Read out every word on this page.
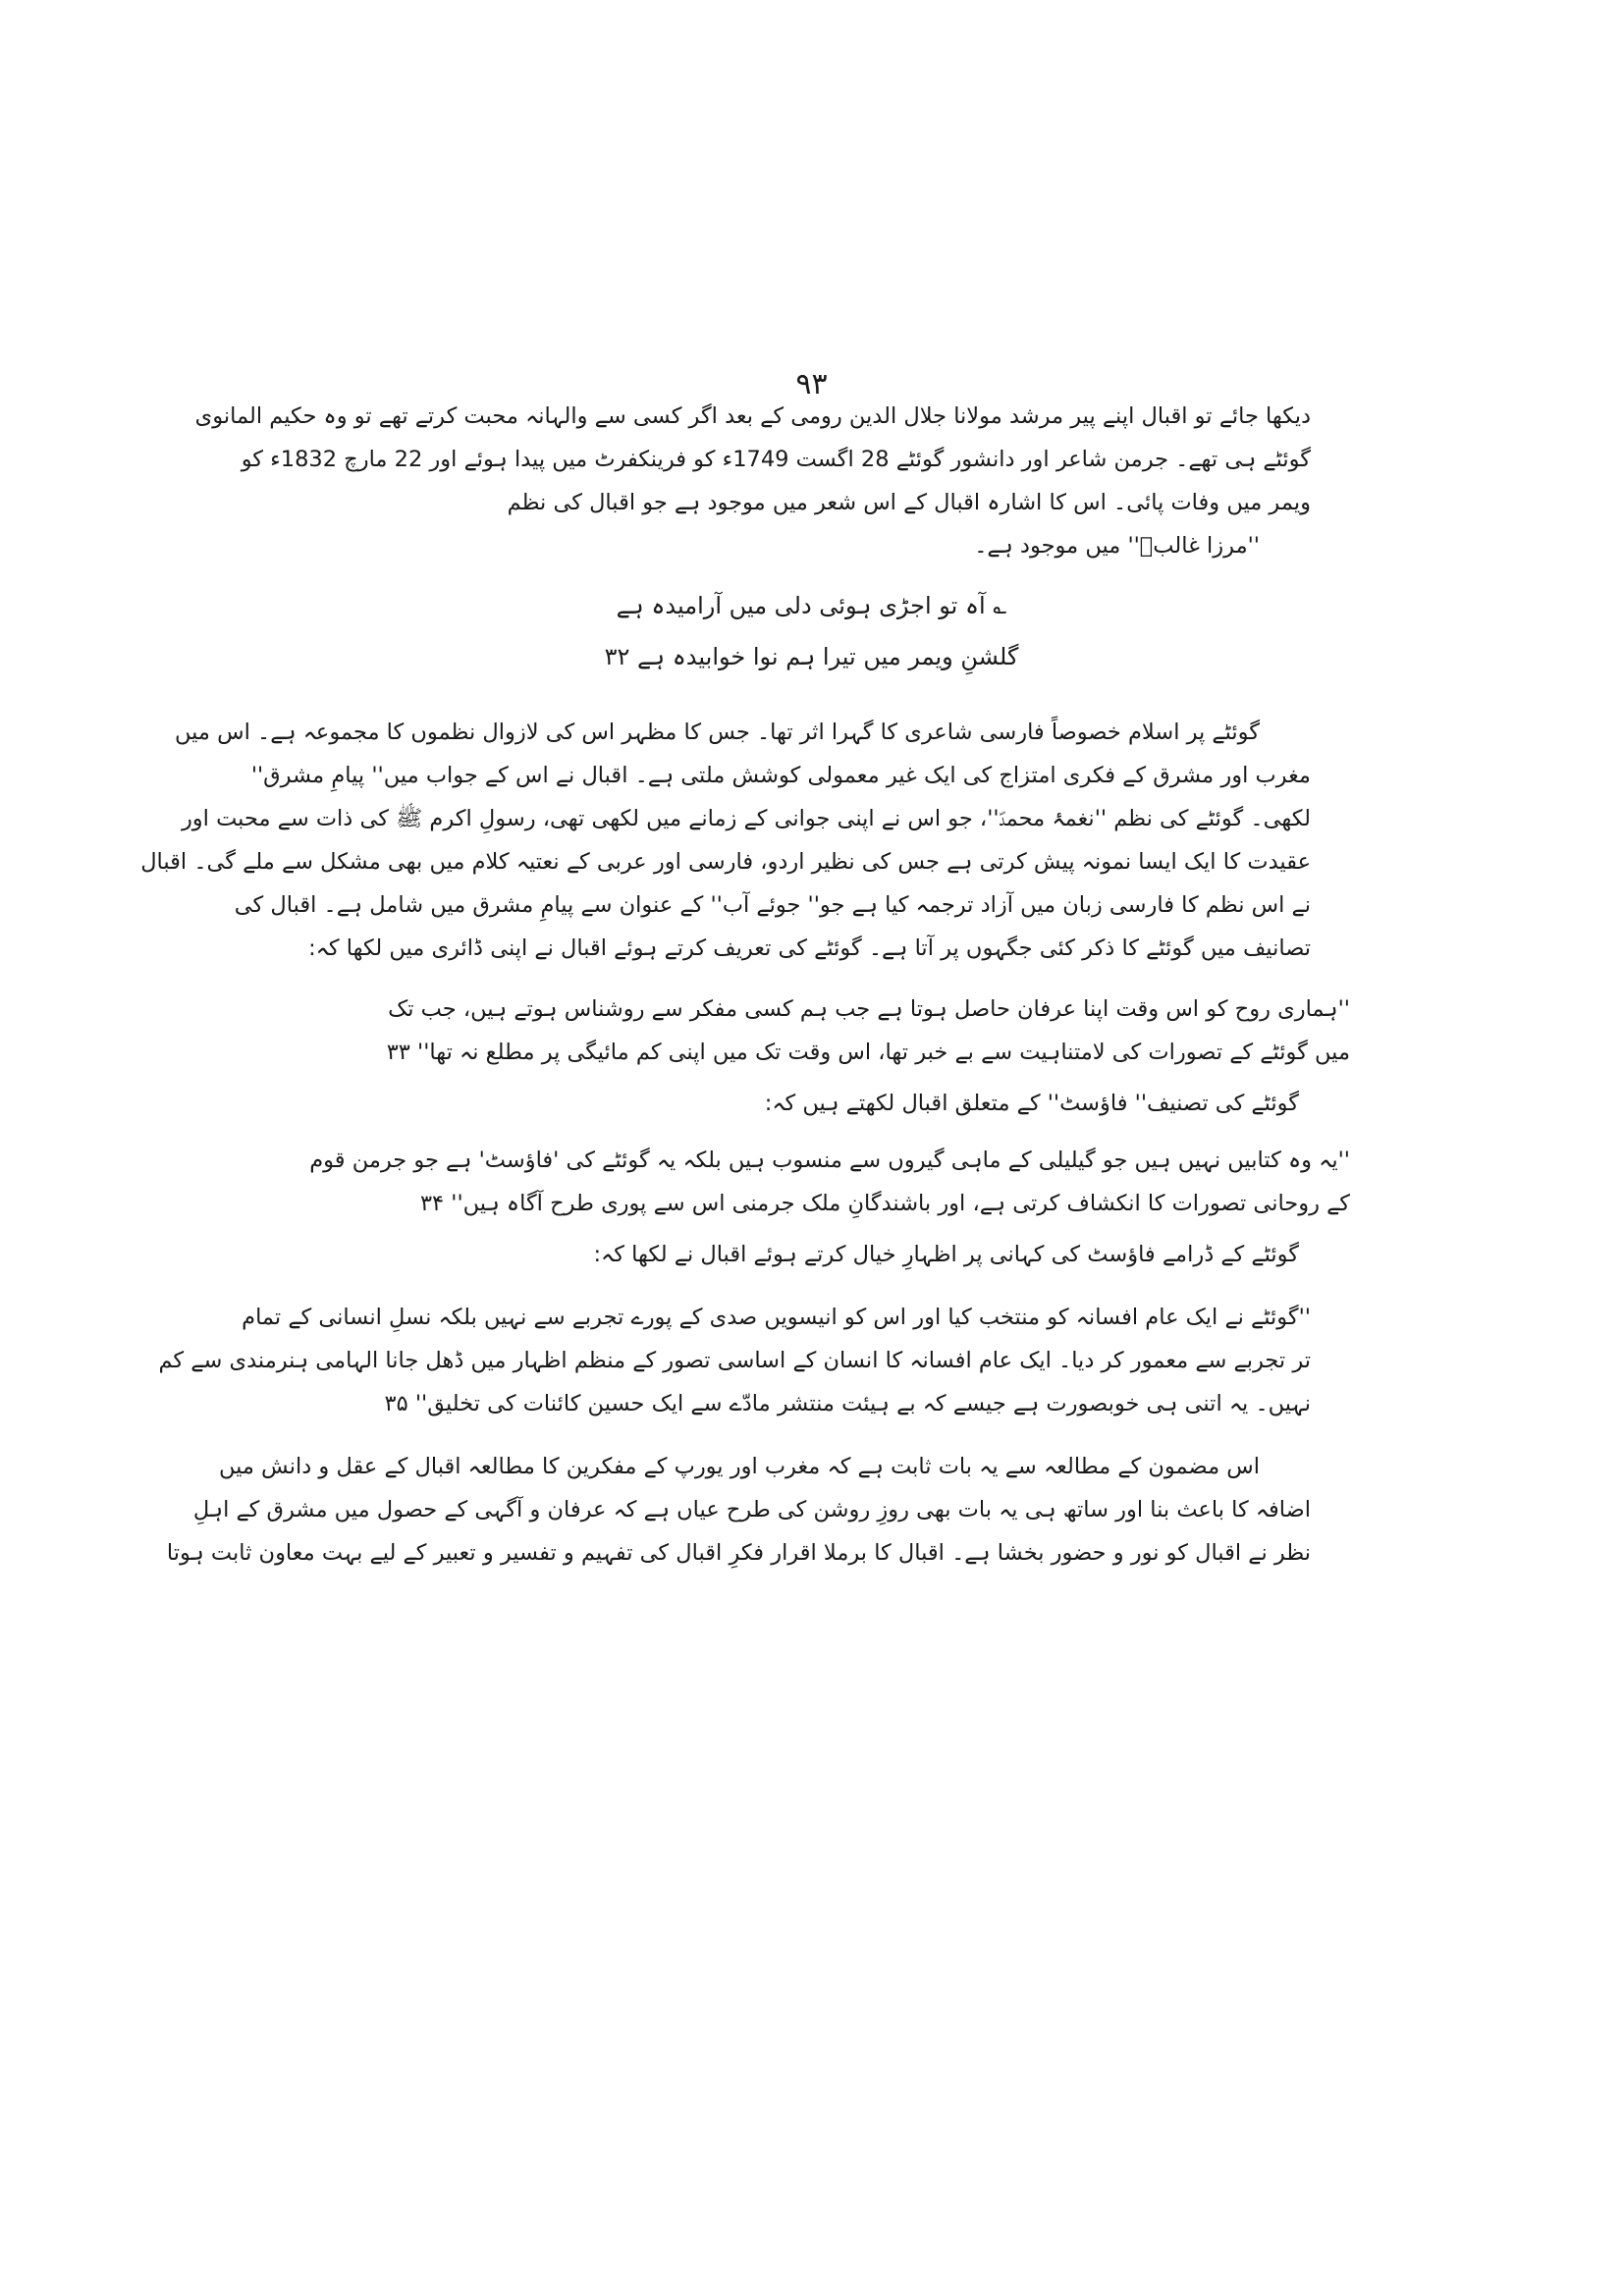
۹۳
دیکھا جائے تو اقبال اپنے پیر مرشد مولانا جلال الدین رومی کے بعد اگر کسی سے والہانہ محبت کرتے تھے تو وہ حکیم المانوی
گوئٹے ہی تھے۔ جرمن شاعر اور دانشور گوئٹے 28 اگست 1749ء کو فرینکفرٹ میں پیدا ہوئے اور 22 مارچ 1832ء کو
ویمر میں وفات پائی۔ اس کا اشارہ اقبال کے اس شعر میں موجود ہے جو اقبال کی نظم
''مرزا غالبؔ'' میں موجود ہے۔
؎ آہ تو اجڑی ہوئی دلی میں آرامیدہ ہے
گلشنِ ویمر میں تیرا ہم نوا خوابیدہ ہے ۳۲
گوئٹے پر اسلام خصوصاً فارسی شاعری کا گہرا اثر تھا۔ جس کا مظہر اس کی لازوال نظموں کا مجموعہ ہے۔ اس میں
مغرب اور مشرق کے فکری امتزاج کی ایک غیر معمولی کوشش ملتی ہے۔ اقبال نے اس کے جواب میں'' پیامِ مشرق''
لکھی۔ گوئٹے کی نظم ''نغمۂ محمدؐ''، جو اس نے اپنی جوانی کے زمانے میں لکھی تھی، رسولِ اکرم ﷺ کی ذات سے محبت اور
عقیدت کا ایک ایسا نمونہ پیش کرتی ہے جس کی نظیر اردو، فارسی اور عربی کے نعتیہ کلام میں بھی مشکل سے ملے گی۔ اقبال
نے اس نظم کا فارسی زبان میں آزاد ترجمہ کیا ہے جو'' جوئے آب'' کے عنوان سے پیامِ مشرق میں شامل ہے۔ اقبال کی
تصانیف میں گوئٹے کا ذکر کئی جگہوں پر آتا ہے۔ گوئٹے کی تعریف کرتے ہوئے اقبال نے اپنی ڈائری میں لکھا کہ:
''ہماری روح کو اس وقت اپنا عرفان حاصل ہوتا ہے جب ہم کسی مفکر سے روشناس ہوتے ہیں، جب تک
میں گوئٹے کے تصورات کی لامتناہیت سے بے خبر تھا، اس وقت تک میں اپنی کم مائیگی پر مطلع نہ تھا'' ۳۳
گوئٹے کی تصنیف'' فاؤسٹ'' کے متعلق اقبال لکھتے ہیں کہ:
''یہ وہ کتابیں نہیں ہیں جو گیلیلی کے ماہی گیروں سے منسوب ہیں بلکہ یہ گوئٹے کی 'فاؤسٹ' ہے جو جرمن قوم
کے روحانی تصورات کا انکشاف کرتی ہے، اور باشندگانِ ملک جرمنی اس سے پوری طرح آگاہ ہیں'' ۳۴
گوئٹے کے ڈرامے فاؤسٹ کی کہانی پر اظہارِ خیال کرتے ہوئے اقبال نے لکھا کہ:
''گوئٹے نے ایک عام افسانہ کو منتخب کیا اور اس کو انیسویں صدی کے پورے تجربے سے نہیں بلکہ نسلِ انسانی کے تمام
تر تجربے سے معمور کر دیا۔ ایک عام افسانہ کا انسان کے اساسی تصور کے منظم اظہار میں ڈھل جانا الہامی ہنرمندی سے کم
نہیں۔ یہ اتنی ہی خوبصورت ہے جیسے کہ بے ہیئت منتشر مادّے سے ایک حسین کائنات کی تخلیق'' ۳۵
اس مضمون کے مطالعہ سے یہ بات ثابت ہے کہ مغرب اور یورپ کے مفکرین کا مطالعہ اقبال کے عقل و دانش میں
اضافہ کا باعث بنا اور ساتھ ہی یہ بات بھی روزِ روشن کی طرح عیاں ہے کہ عرفان و آگہی کے حصول میں مشرق کے اہلِ
نظر نے اقبال کو نور و حضور بخشا ہے۔ اقبال کا برملا اقرار فکرِ اقبال کی تفہیم و تفسیر و تعبیر کے لیے بہت معاون ثابت ہوتا
